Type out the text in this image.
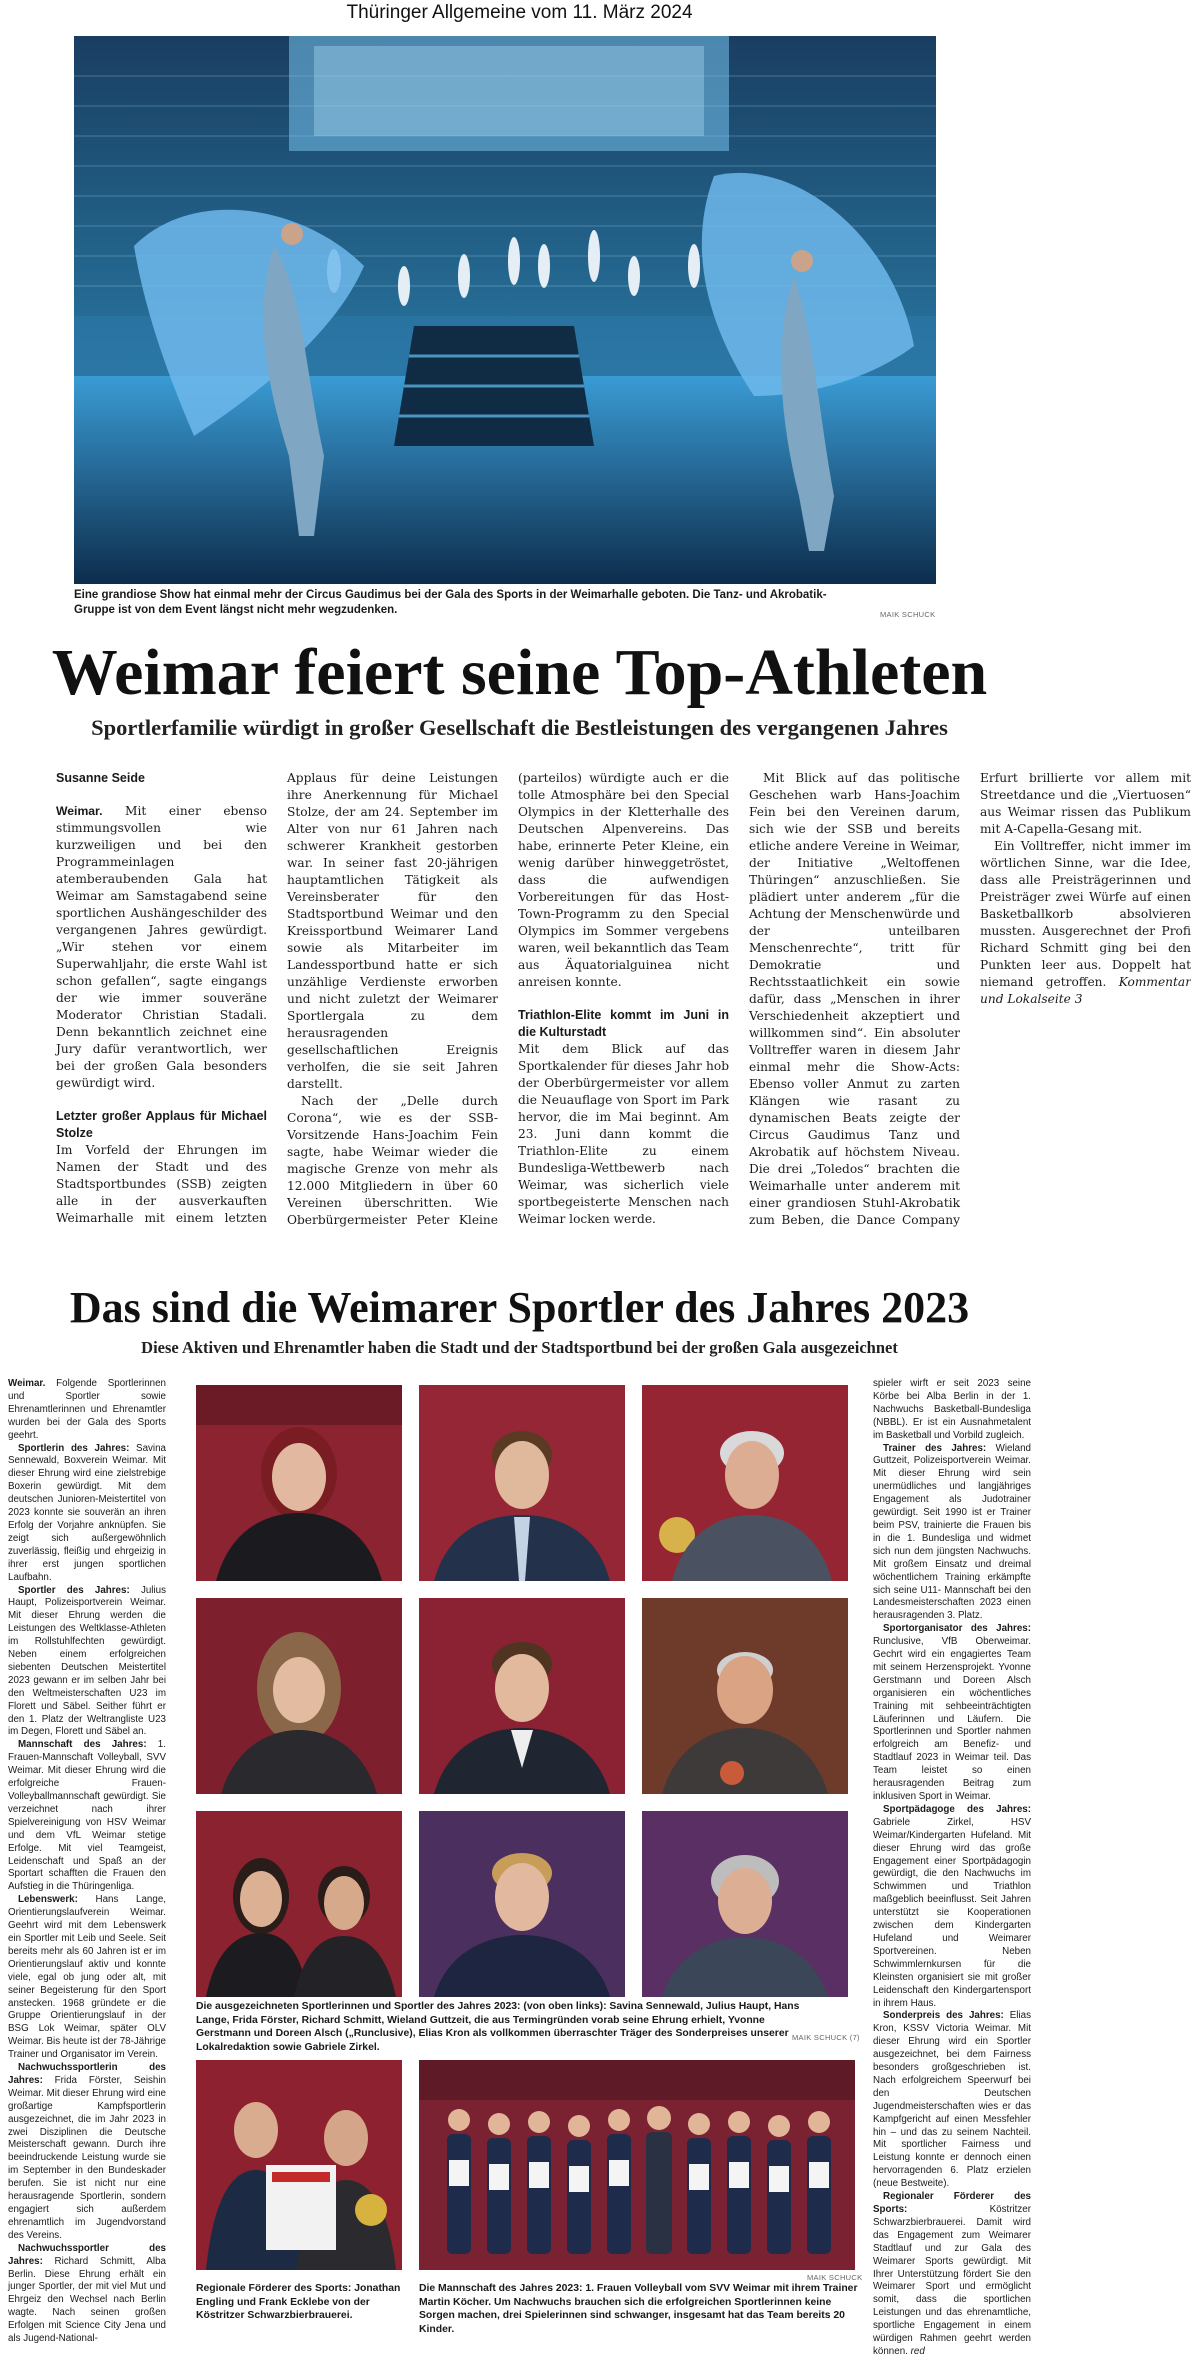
Thüringer Allgemeine vom 11. März 2024
Eine grandiose Show hat einmal mehr der Circus Gaudimus bei der Gala des Sports in der Weimarhalle geboten. Die Tanz- und Akrobatik-Gruppe ist von dem Event längst nicht mehr wegzudenken.	MAIK SCHUCK
Weimar feiert seine Top-Athleten
Sportlerfamilie würdigt in großer Gesellschaft die Bestleistungen des vergangenen Jahres
Susanne Seide

Weimar. Mit einer ebenso stimmungsvollen wie kurzweiligen und bei den Programmeinlagen atemberaubenden Gala hat Weimar am Samstagabend seine sportlichen Aushängeschilder des vergangenen Jahres gewürdigt. „Wir stehen vor einem Superwahljahr, die erste Wahl ist schon gefallen“, sagte eingangs der wie immer souveräne Moderator Christian Stadali. Denn bekanntlich zeichnet eine Jury dafür verantwortlich, wer bei der großen Gala besonders gewürdigt wird.

Letzter großer Applaus für Michael Stolze

Im Vorfeld der Ehrungen im Namen der Stadt und des Stadtsportbundes (SSB) zeigten alle in der ausverkauften Weimarhalle mit einem letzten Applaus für deine Leistungen ihre Anerkennung für Michael Stolze, der am 24. September im Alter von nur 61 Jahren nach schwerer Krankheit gestorben war. In seiner fast 20-jährigen hauptamtlichen Tätigkeit als Vereinsberater für den Stadtsportbund Weimar und den Kreissportbund Weimarer Land sowie als Mitarbeiter im Landessportbund hatte er sich unzählige Verdienste erworben und nicht zuletzt der Weimarer Sportlergala zu dem herausragenden gesellschaftlichen Ereignis verholfen, die sie seit Jahren darstellt.

Nach der „Delle durch Corona“, wie es der SSB-Vorsitzende Hans-Joachim Fein sagte, habe Weimar wieder die magische Grenze von mehr als 12.000 Mitgliedern in über 60 Vereinen überschritten. Wie Oberbürgermeister Peter Kleine (parteilos) würdigte auch er die tolle Atmosphäre bei den Special Olympics in der Kletterhalle des Deutschen Alpenvereins. Das habe, erinnerte Peter Kleine, ein wenig darüber hinweggetröstet, dass die aufwendigen Vorbereitungen für das Host-Town-Programm zu den Special Olympics im Sommer vergebens waren, weil bekanntlich das Team aus Äquatorialguinea nicht anreisen konnte.

Triathlon-Elite kommt im Juni in die Kulturstadt

Mit dem Blick auf das Sportkalender für dieses Jahr hob der Oberbürgermeister vor allem die Neuauflage von Sport im Park hervor, die im Mai beginnt. Am 23. Juni dann kommt die Triathlon-Elite zu einem Bundesliga-Wettbewerb nach Weimar, was sicherlich viele sportbegeisterte Menschen nach Weimar locken werde.

Mit Blick auf das politische Geschehen warb Hans-Joachim Fein bei den Vereinen darum, sich wie der SSB und bereits etliche andere Vereine in Weimar, der Initiative „Weltoffenen Thüringen“ anzuschließen. Sie plädiert unter anderem „für die Achtung der Menschenwürde und der unteilbaren Menschenrechte“, tritt für Demokratie und Rechtsstaatlichkeit ein sowie dafür, dass „Menschen in ihrer Verschiedenheit akzeptiert und willkommen sind“. Ein absoluter Volltreffer waren in diesem Jahr einmal mehr die Show-Acts: Ebenso voller Anmut zu zarten Klängen wie rasant zu dynamischen Beats zeigte der Circus Gaudimus Tanz und Akrobatik auf höchstem Niveau. Die drei „Toledos“ brachten die Weimarhalle unter anderem mit einer grandiosen Stuhl-Akrobatik zum Beben, die Dance Company Erfurt brillierte vor allem mit Streetdance und die „Viertuosen“ aus Weimar rissen das Publikum mit A-Capella-Gesang mit.

Ein Volltreffer, nicht immer im wörtlichen Sinne, war die Idee, dass alle Preisträgerinnen und Preisträger zwei Würfe auf einen Basketballkorb absolvieren mussten. Ausgerechnet der Profi Richard Schmitt ging bei den Punkten leer aus. Doppelt hat niemand getroffen. Kommentar und Lokalseite 3

Das sind die Weimarer Sportler des Jahres 2023
Diese Aktiven und Ehrenamtler haben die Stadt und der Stadtsportbund bei der großen Gala ausgezeichnet

Weimar. Folgende Sportlerinnen und Sportler sowie Ehrenamtlerinnen und Ehrenamtler wurden bei der Gala des Sports geehrt.

Sportlerin des Jahres: Savina Sennewald, Boxverein Weimar. Mit dieser Ehrung wird eine zielstrebige Boxerin gewürdigt. Mit dem deutschen Junioren-Meistertitel von 2023 konnte sie souverän an ihren Erfolg der Vorjahre anknüpfen. Sie zeigt sich außergewöhnlich zuverlässig, fleißig und ehrgeizig in ihrer erst jungen sportlichen Laufbahn.

Sportler des Jahres: Julius Haupt, Polizeisportverein Weimar. Mit dieser Ehrung werden die Leistungen des Weltklasse-Athleten im Rollstuhlfechten gewürdigt. Neben einem erfolgreichen siebenten Deutschen Meistertitel 2023 gewann er im selben Jahr bei den Weltmeisterschaften U23 im Florett und Säbel. Seither führt er den 1. Platz der Weltrangliste U23 im Degen, Florett und Säbel an.

Mannschaft des Jahres: 1. Frauen-Mannschaft Volleyball, SVV Weimar. Mit dieser Ehrung wird die erfolgreiche Frauen-Volleyballmannschaft gewürdigt. Sie verzeichnet nach ihrer Spielvereinigung von HSV Weimar und dem VfL Weimar stetige Erfolge. Mit viel Teamgeist, Leidenschaft und Spaß an der Sportart schafften die Frauen den Aufstieg in die Thüringenliga.

Lebenswerk: Hans Lange, Orientierungslaufverein Weimar. Geehrt wird mit dem Lebenswerk ein Sportler mit Leib und Seele. Seit bereits mehr als 60 Jahren ist er im Orientierungslauf aktiv und konnte viele, egal ob jung oder alt, mit seiner Begeisterung für den Sport anstecken. 1968 gründete er die Gruppe Orientierungslauf in der BSG Lok Weimar, später OLV Weimar. Bis heute ist der 78-Jährige Trainer und Organisator im Verein.

Nachwuchssportlerin des Jahres: Frida Förster, Seishin Weimar. Mit dieser Ehrung wird eine großartige Kampfsportlerin ausgezeichnet, die im Jahr 2023 in zwei Disziplinen die Deutsche Meisterschaft gewann. Durch ihre beeindruckende Leistung wurde sie im September in den Bundeskader berufen. Sie ist nicht nur eine herausragende Sportlerin, sondern engagiert sich außerdem ehrenamtlich im Jugendvorstand des Vereins.

Nachwuchssportler des Jahres: Richard Schmitt, Alba Berlin. Diese Ehrung erhält ein junger Sportler, der mit viel Mut und Ehrgeiz den Wechsel nach Berlin wagte. Nach seinen großen Erfolgen mit Science City Jena und als Jugend-National-

spieler wirft er seit 2023 seine Körbe bei Alba Berlin in der 1. Nachwuchs Basketball-Bundesliga (NBBL). Er ist ein Ausnahmetalent im Basketball und Vorbild zugleich.

Trainer des Jahres: Wieland Guttzeit, Polizeisportverein Weimar. Mit dieser Ehrung wird sein unermüdliches und langjähriges Engagement als Judotrainer gewürdigt. Seit 1990 ist er Trainer beim PSV, trainierte die Frauen bis in die 1. Bundesliga und widmet sich nun dem jüngsten Nachwuchs. Mit großem Einsatz und dreimal wöchentlichem Training erkämpfte sich seine U11- Mannschaft bei den Landesmeisterschaften 2023 einen herausragenden 3. Platz.

Sportorganisator des Jahres: Runclusive, VfB Oberweimar. Gechrt wird ein engagiertes Team mit seinem Herzensprojekt. Yvonne Gerstmann und Doreen Alsch organisieren ein wöchentliches Training mit sehbeeinträchtigten Läuferinnen und Läufern. Die Sportlerinnen und Sportler nahmen erfolgreich am Benefiz- und Stadtlauf 2023 in Weimar teil. Das Team leistet so einen herausragenden Beitrag zum inklusiven Sport in Weimar.

Sportpädagoge des Jahres: Gabriele Zirkel, HSV Weimar/Kindergarten Hufeland. Mit dieser Ehrung wird das große Engagement einer Sportpädagogin gewürdigt, die den Nachwuchs im Schwimmen und Triathlon maßgeblich beeinflusst. Seit Jahren unterstützt sie Kooperationen zwischen dem Kindergarten Hufeland und Weimarer Sportvereinen. Neben Schwimmlernkursen für die Kleinsten organisiert sie mit großer Leidenschaft den Kindergartensport in ihrem Haus.

Sonderpreis des Jahres: Elias Kron, KSSV Victoria Weimar. Mit dieser Ehrung wird ein Sportler ausgezeichnet, bei dem Fairness besonders großgeschrieben ist. Nach erfolgreichem Speerwurf bei den Deutschen Jugendmeisterschaften wies er das Kampfgericht auf einen Messfehler hin – und das zu seinem Nachteil. Mit sportlicher Fairness und Leistung konnte er dennoch einen hervorragenden 6. Platz erzielen (neue Bestweite).

Regionaler Förderer des Sports: Köstritzer Schwarzbierbrauerei. Damit wird das Engagement zum Weimarer Stadtlauf und zur Gala des Weimarer Sports gewürdigt. Mit Ihrer Unterstützung fördert Sie den Weimarer Sport und ermöglicht somit, dass die sportlichen Leistungen und das ehrenamtliche, sportliche Engagement in einem würdigen Rahmen geehrt werden können. red

MAIK SCHUCK (7)
Die ausgezeichneten Sportlerinnen und Sportler des Jahres 2023: (von oben links): Savina Sennewald, Julius Haupt, Hans Lange, Frida Förster, Richard Schmitt, Wieland Guttzeit, die aus Termingründen vorab seine Ehrung erhielt, Yvonne Gerstmann und Doreen Alsch („Runclusive), Elias Kron als vollkommen überraschter Träger des Sonderpreises unserer Lokalredaktion sowie Gabriele Zirkel.
MAIK SCHUCK
Regionale Förderer des Sports: Jonathan Engling und Frank Ecklebe von der Köstritzer Schwarzbierbrauerei.
Die Mannschaft des Jahres 2023: 1. Frauen Volleyball vom SVV Weimar mit ihrem Trainer Martin Köcher. Um Nachwuchs brauchen sich die erfolgreichen Sportlerinnen keine Sorgen machen, drei Spielerinnen sind schwanger, insgesamt hat das Team bereits 20 Kinder.
